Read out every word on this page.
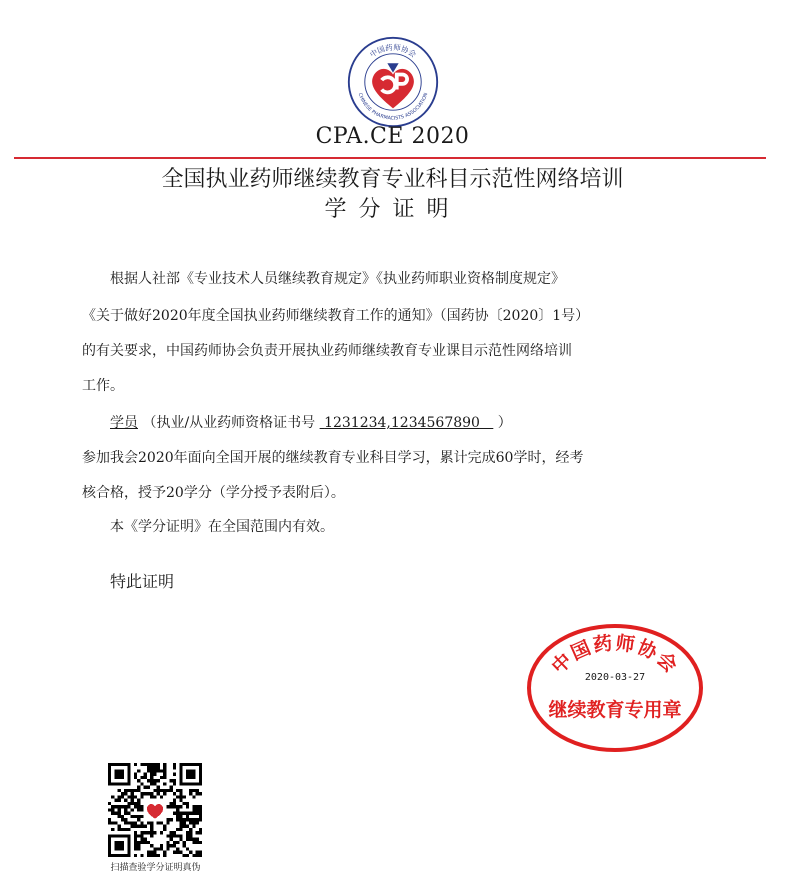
中国药师协会
CHINESE PHARMACISTS ASSOCIATION
CPA.CE 2020
全国执业药师继续教育专业科目示范性网络培训
学分证明
根据人社部《专业技术人员继续教育规定》《执业药师职业资格制度规定》
《关于做好2020年度全国执业药师继续教育工作的通知》（国药协〔2020〕1号）
的有关要求，中国药师协会负责开展执业药师继续教育专业课目示范性网络培训
工作。
学员 （执业/从业药师资格证书号 1231234,1234567890 ）
参加我会2020年面向全国开展的继续教育专业科目学习，累计完成60学时，经考
核合格，授予20学分（学分授予表附后）。
本《学分证明》在全国范围内有效。
特此证明
中国药师协会
2020-03-27
继续教育专用章
扫描查验学分证明真伪
